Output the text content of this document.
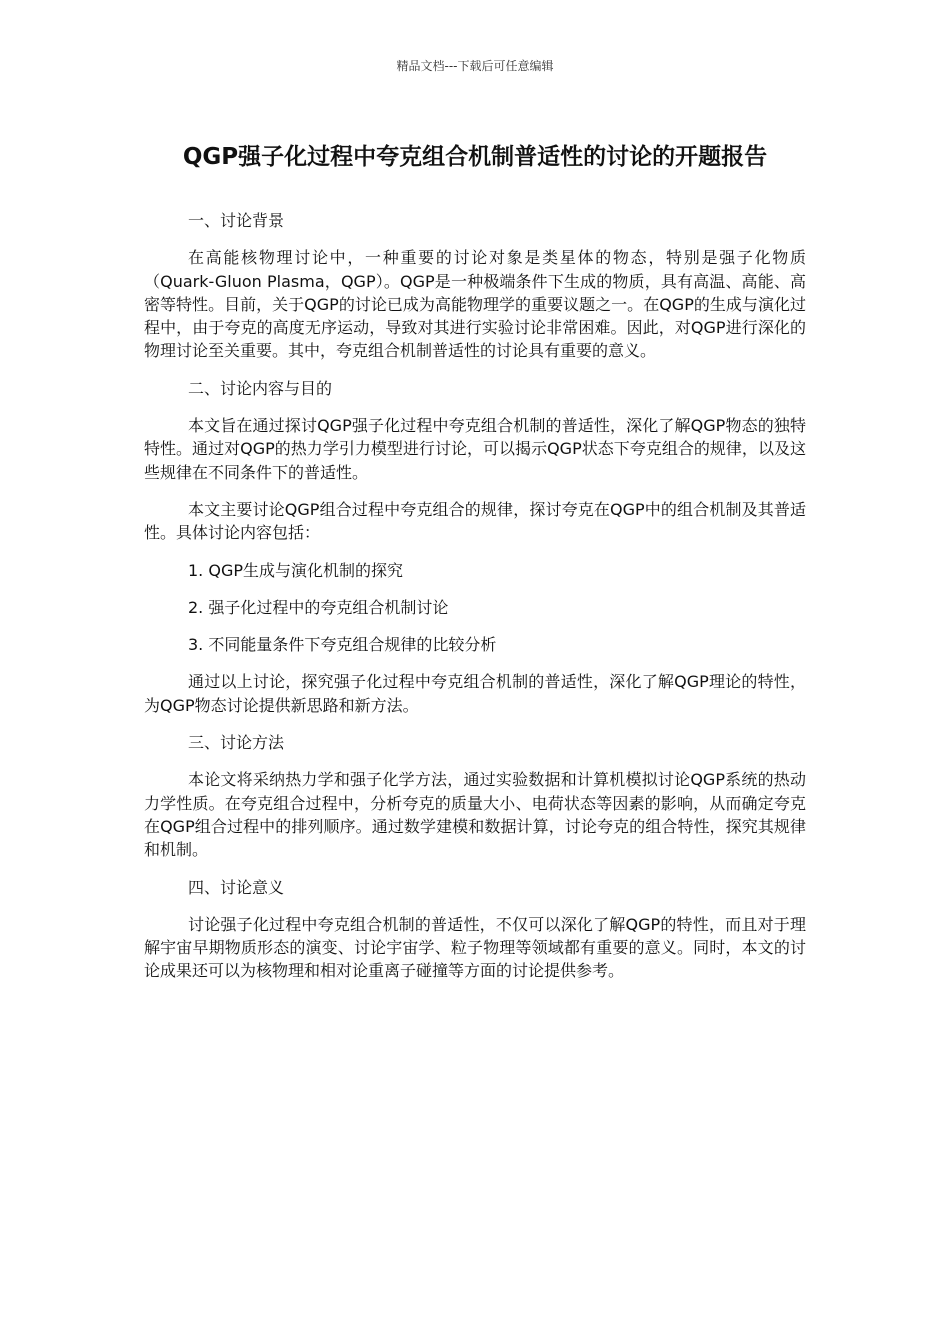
精品文档---下载后可任意编辑
QGP强子化过程中夸克组合机制普适性的讨论的开题报告

一、讨论背景

在高能核物理讨论中，一种重要的讨论对象是类星体的物态，特别是强子化物质（Quark-Gluon Plasma，QGP）。QGP是一种极端条件下生成的物质，具有高温、高能、高密等特性。目前，关于QGP的讨论已成为高能物理学的重要议题之一。在QGP的生成与演化过程中，由于夸克的高度无序运动，导致对其进行实验讨论非常困难。因此，对QGP进行深化的物理讨论至关重要。其中，夸克组合机制普适性的讨论具有重要的意义。

二、讨论内容与目的

本文旨在通过探讨QGP强子化过程中夸克组合机制的普适性，深化了解QGP物态的独特特性。通过对QGP的热力学引力模型进行讨论，可以揭示QGP状态下夸克组合的规律，以及这些规律在不同条件下的普适性。

本文主要讨论QGP组合过程中夸克组合的规律，探讨夸克在QGP中的组合机制及其普适性。具体讨论内容包括：

1. QGP生成与演化机制的探究

2. 强子化过程中的夸克组合机制讨论

3. 不同能量条件下夸克组合规律的比较分析

通过以上讨论，探究强子化过程中夸克组合机制的普适性，深化了解QGP理论的特性，为QGP物态讨论提供新思路和新方法。

三、讨论方法

本论文将采纳热力学和强子化学方法，通过实验数据和计算机模拟讨论QGP系统的热动力学性质。在夸克组合过程中，分析夸克的质量大小、电荷状态等因素的影响，从而确定夸克在QGP组合过程中的排列顺序。通过数学建模和数据计算，讨论夸克的组合特性，探究其规律和机制。

四、讨论意义

讨论强子化过程中夸克组合机制的普适性，不仅可以深化了解QGP的特性，而且对于理解宇宙早期物质形态的演变、讨论宇宙学、粒子物理等领域都有重要的意义。同时，本文的讨论成果还可以为核物理和相对论重离子碰撞等方面的讨论提供参考。
